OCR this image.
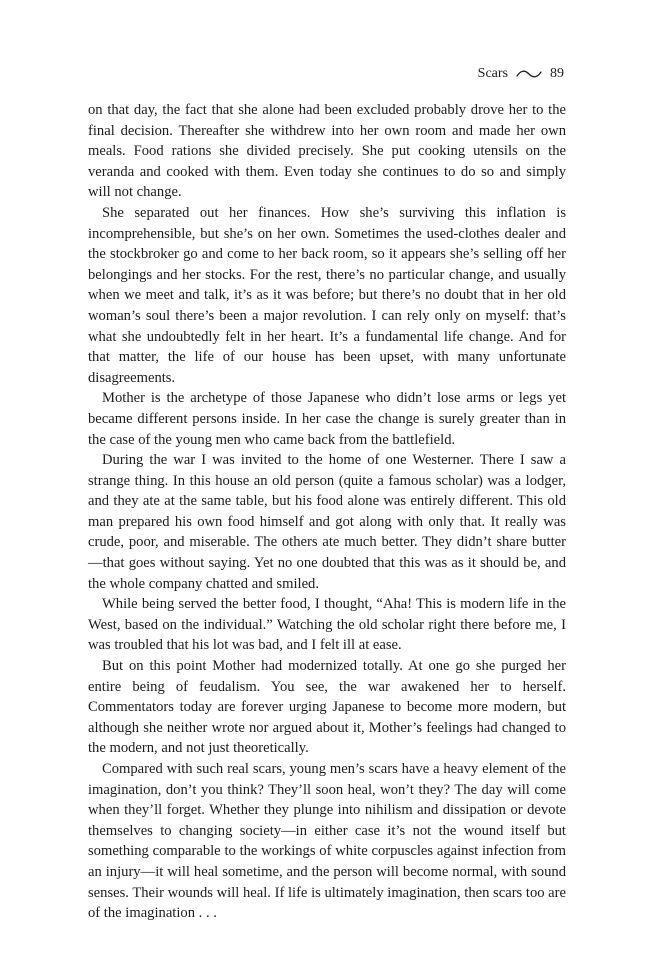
Scars	89

on that day, the fact that she alone had been excluded probably drove her to the final decision. Thereafter she withdrew into her own room and made her own meals. Food rations she divided precisely. She put cooking utensils on the veranda and cooked with them. Even today she continues to do so and simply will not change.

She separated out her finances. How she’s surviving this inflation is incomprehensible, but she’s on her own. Sometimes the used-clothes dealer and the stockbroker go and come to her back room, so it appears she’s selling off her belongings and her stocks. For the rest, there’s no particular change, and usually when we meet and talk, it’s as it was before; but there’s no doubt that in her old woman’s soul there’s been a major revolution. I can rely only on myself: that’s what she undoubtedly felt in her heart. It’s a fundamental life change. And for that matter, the life of our house has been upset, with many unfortunate disagreements.

Mother is the archetype of those Japanese who didn’t lose arms or legs yet became different persons inside. In her case the change is surely greater than in the case of the young men who came back from the battlefield.

During the war I was invited to the home of one Westerner. There I saw a strange thing. In this house an old person (quite a famous scholar) was a lodger, and they ate at the same table, but his food alone was entirely different. This old man prepared his own food himself and got along with only that. It really was crude, poor, and miserable. The others ate much better. They didn’t share butter—that goes without saying. Yet no one doubted that this was as it should be, and the whole company chatted and smiled.

While being served the better food, I thought, “Aha! This is modern life in the West, based on the individual.” Watching the old scholar right there before me, I was troubled that his lot was bad, and I felt ill at ease.

But on this point Mother had modernized totally. At one go she purged her entire being of feudalism. You see, the war awakened her to herself. Commentators today are forever urging Japanese to become more modern, but although she neither wrote nor argued about it, Mother’s feelings had changed to the modern, and not just theoretically.

Compared with such real scars, young men’s scars have a heavy element of the imagination, don’t you think? They’ll soon heal, won’t they? The day will come when they’ll forget. Whether they plunge into nihilism and dissipation or devote themselves to changing society—in either case it’s not the wound itself but something comparable to the workings of white corpuscles against infection from an injury—it will heal sometime, and the person will become normal, with sound senses. Their wounds will heal. If life is ultimately imagination, then scars too are of the imagination . . .
